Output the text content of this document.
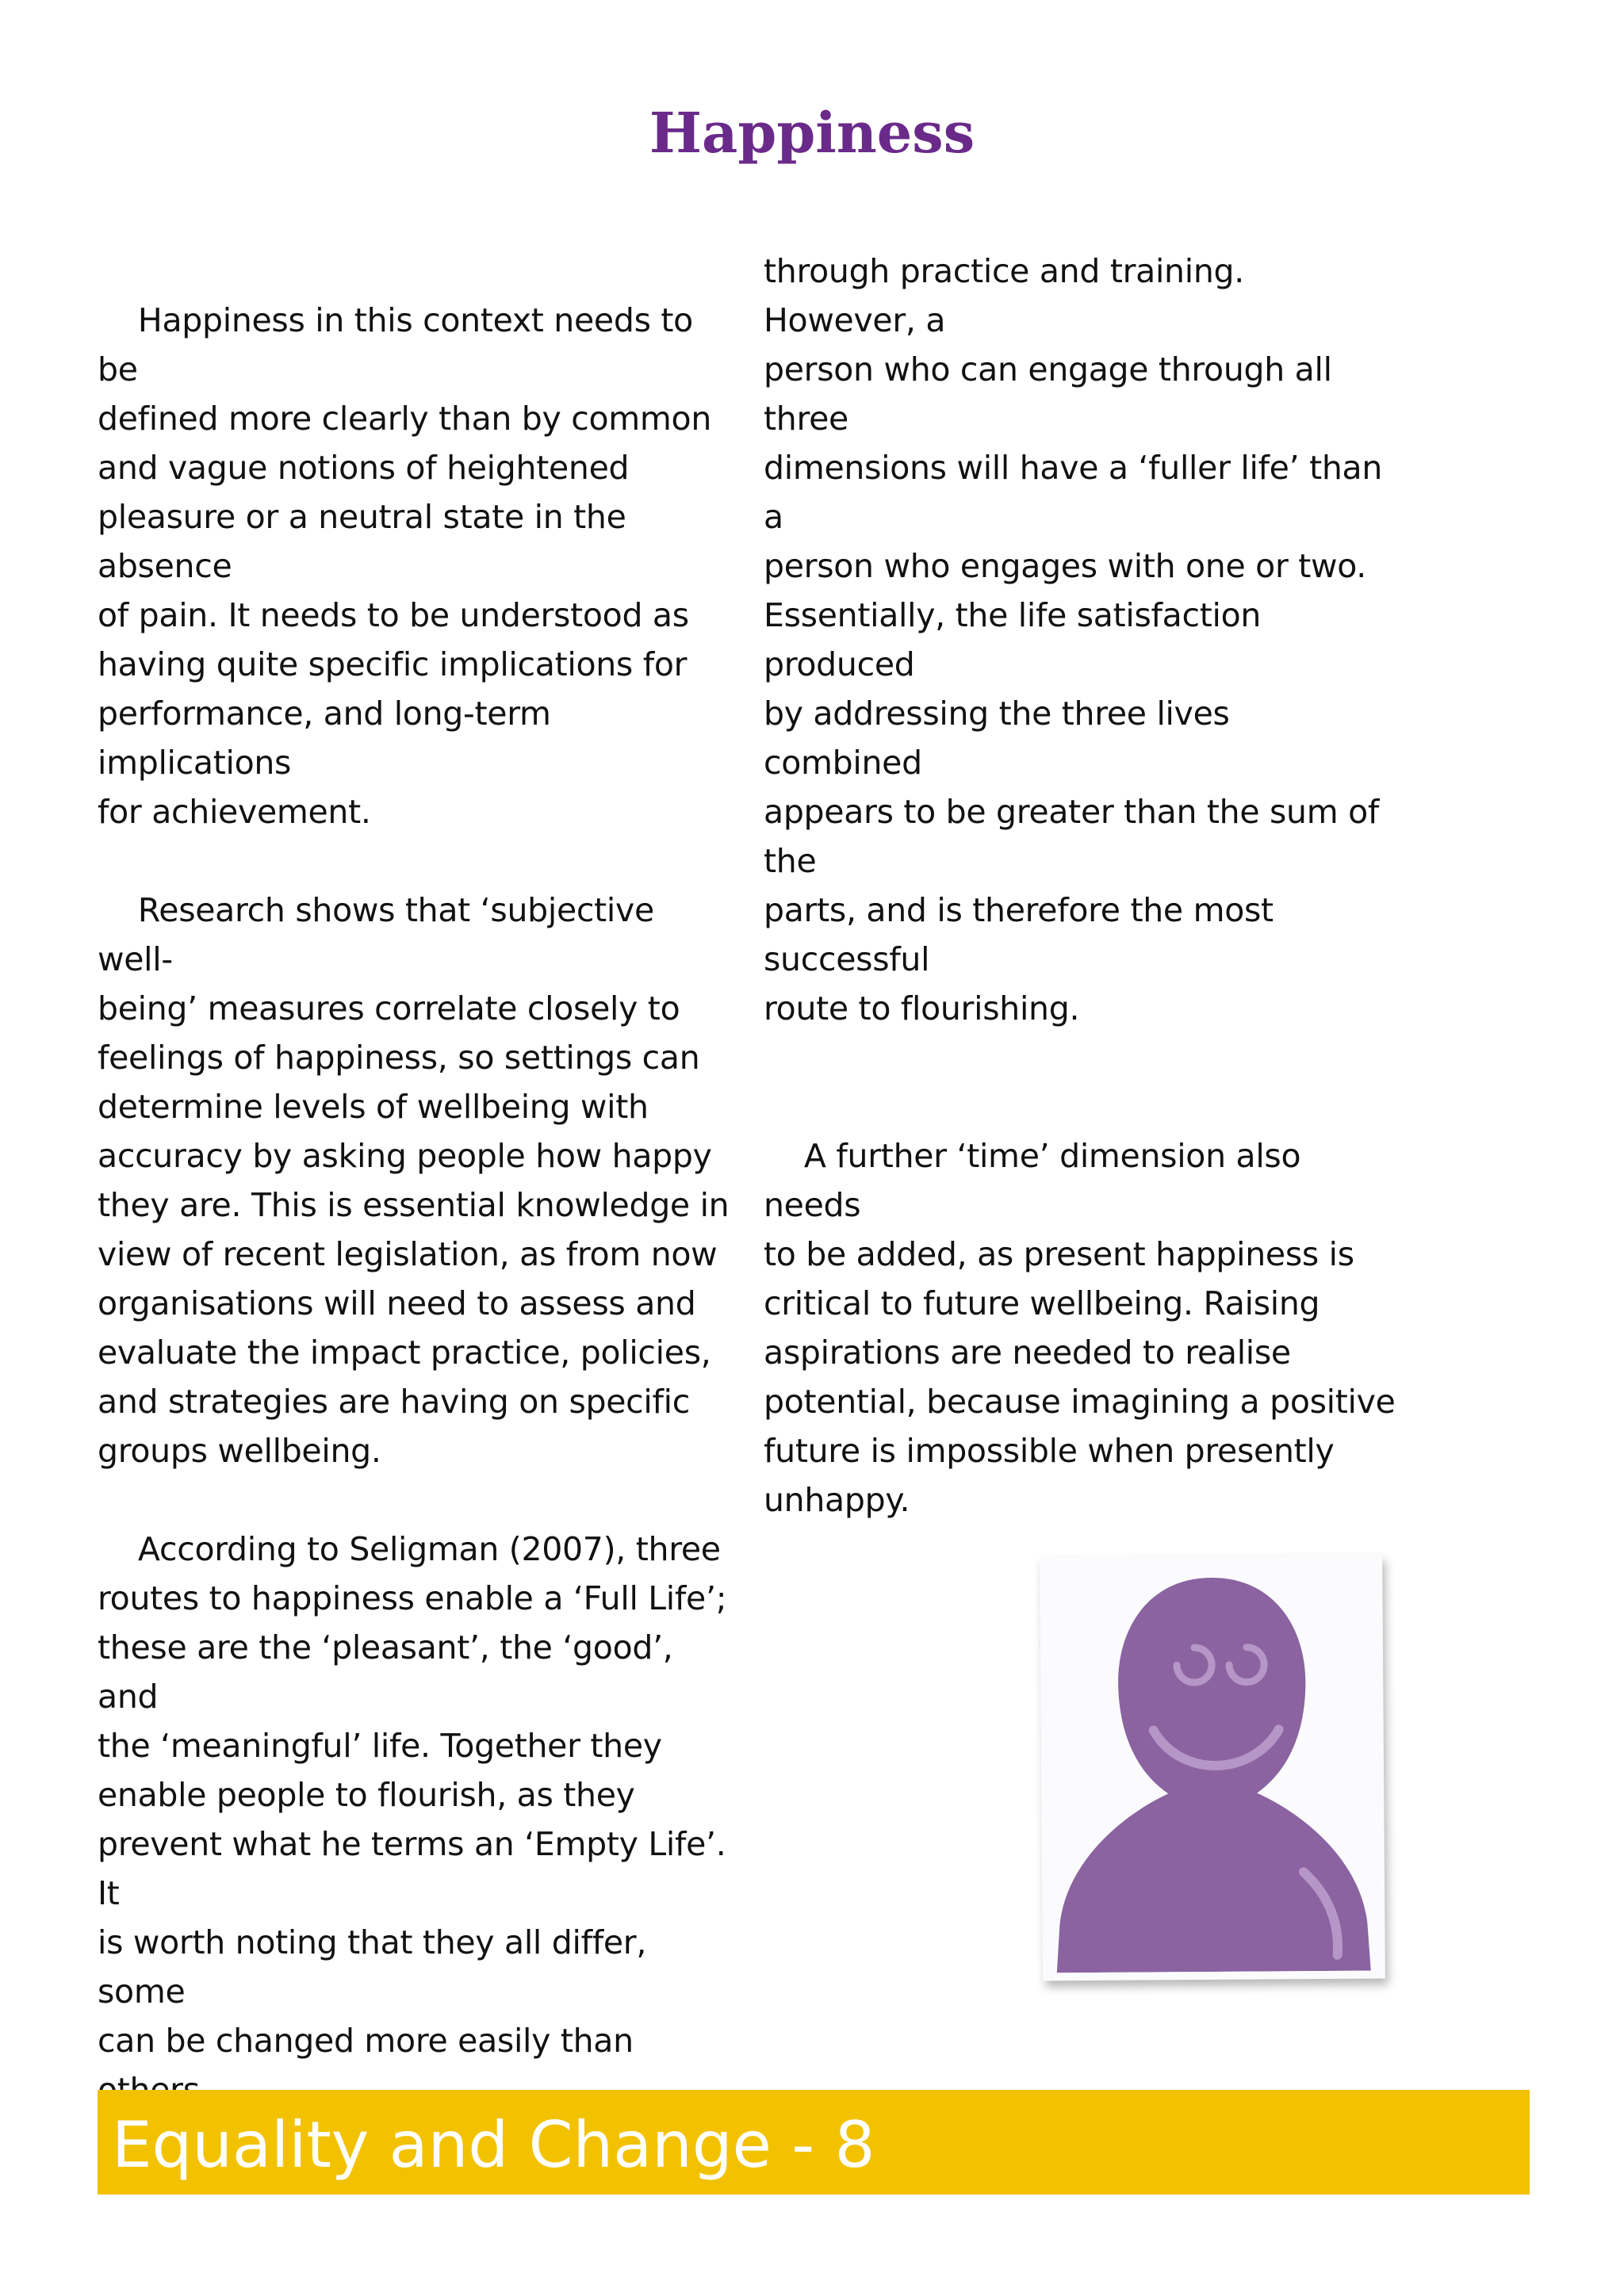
Happiness

Happiness in this context needs to be
defined more clearly than by common
and vague notions of heightened
pleasure or a neutral state in the absence
of pain. It needs to be understood as
having quite specific implications for
performance, and long-term implications
for achievement.

Research shows that ‘subjective well-
being’ measures correlate closely to
feelings of happiness, so settings can
determine levels of wellbeing with
accuracy by asking people how happy
they are. This is essential knowledge in
view of recent legislation, as from now
organisations will need to assess and
evaluate the impact practice, policies,
and strategies are having on specific
groups wellbeing.

According to Seligman (2007), three
routes to happiness enable a ‘Full Life’;
these are the ‘pleasant’, the ‘good’, and
the ‘meaningful’ life. Together they
enable people to flourish, as they
prevent what he terms an ‘Empty Life’. It
is worth noting that they all differ, some
can be changed more easily than

through practice and training. However, a
person who can engage through all three
dimensions will have a ‘fuller life’ than a
person who engages with one or two.
Essentially, the life satisfaction produced
by addressing the three lives combined
appears to be greater than the sum of the
parts, and is therefore the most successful
route to flourishing.

A further ‘time’ dimension also needs
to be added, as present happiness is
critical to future wellbeing. Raising
aspirations are needed to realise
potential, because imagining a positive
future is impossible when presently
unhappy.

Equality and Change - 8
